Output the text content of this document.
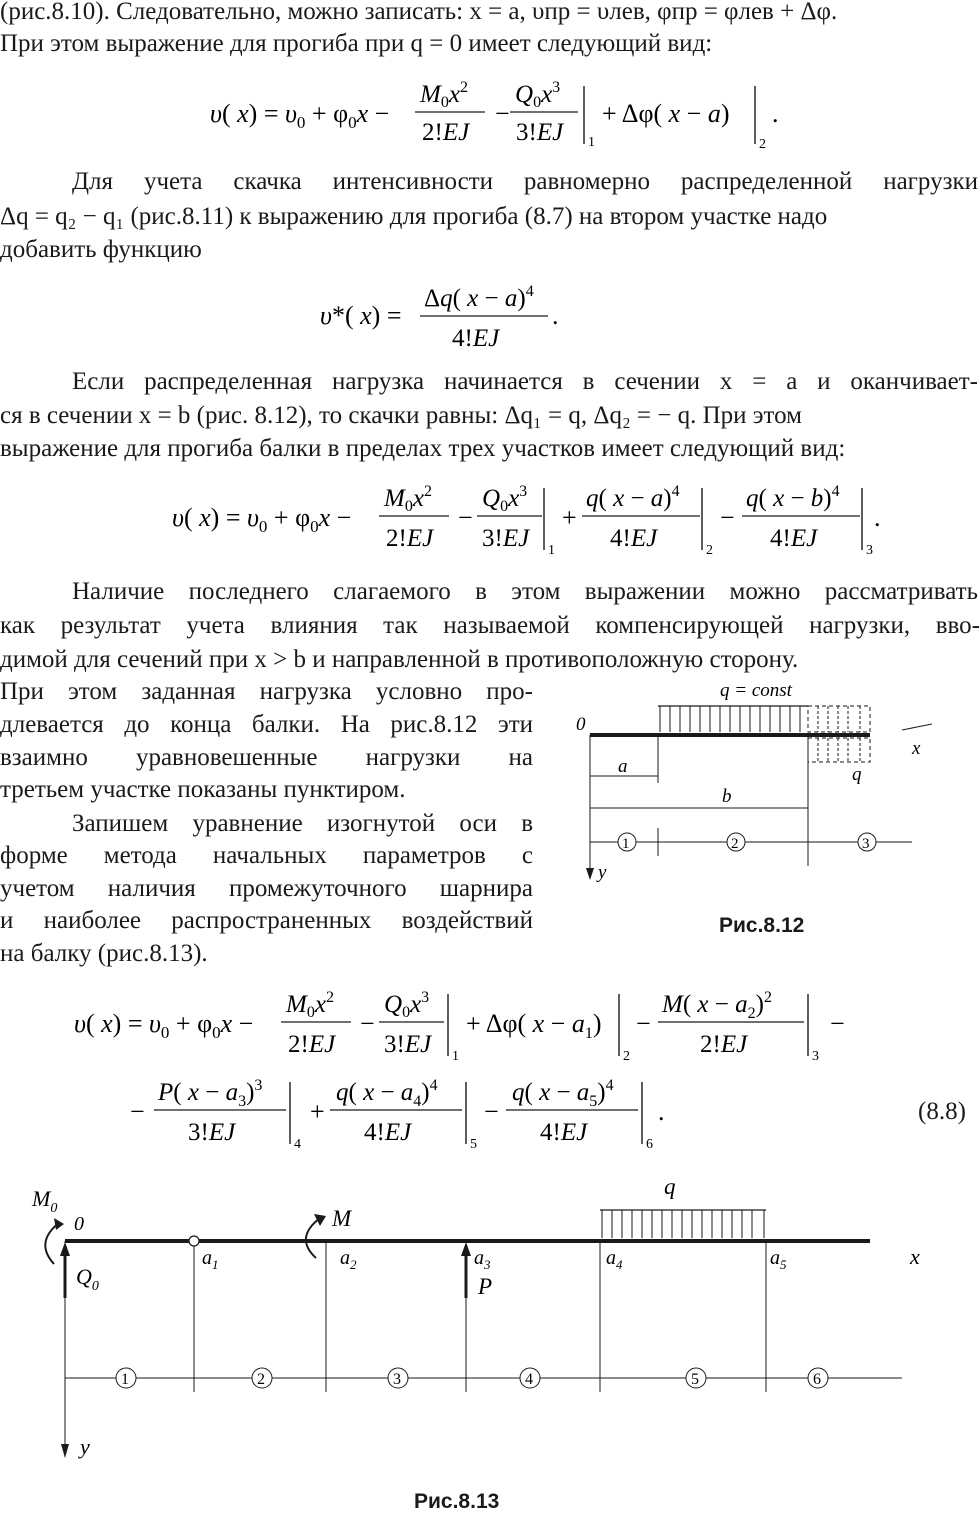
(рис.8.10). Следовательно, можно записать: x = a, υпр = υлев, φпр = φлев + Δφ.
При этом выражение для прогиба при q = 0 имеет следующий вид:
υ( $x) = \upsilon_0 + \varphi_0x$ −
$M_0x^2$
2!EJ
−
$Q_0x^3$
3!EJ 1
+ Δφ( x − a)
2
.
Для учета скачка интенсивности равномерно распределенной нагрузки
Δq = q₂ − q₁ (рис.8.11) к выражению для прогиба (8.7) на втором участке надо
добавить функцию
υ*( x) =
Δq( x − a)$^4$
4!EJ
.
Если распределенная нагрузка начинается в сечении x = a и оканчивает-
ся в сечении x = b (рис. 8.12), то скачки равны: Δq₁ = q, Δq₂ = − q. При этом
выражение для прогиба балки в пределах трех участков имеет следующий вид:
υ( $x) = \upsilon_0 + \varphi_0x$ −
$M_0x^2$
2!EJ
−
$Q_0x^3$
3!EJ 1
+
q( x − a)$^4$
4!EJ	2
−
q( x − b)$^4$
4!EJ	3
.
Наличие последнего слагаемого в этом выражении можно рассматривать
как результат учета влияния так называемой компенсирующей нагрузки, вво-
димой для сечений при x > b и направленной в противоположную сторону.
При этом заданная нагрузка условно про-
длевается до конца балки. На рис.8.12 эти
взаимно уравновешенные нагрузки на
третьем участке показаны пунктиром.
Запишем уравнение изогнутой оси в
форме метода начальных параметров с
учетом наличия промежуточного шарнира
и наиболее распространенных воздействий
на балку (рис.8.13).
q = const
q
0
x
y
a
b
1	2	3
Рис.8.12
υ( $x) = \upsilon_0 + \varphi_0x$ −
$M_0x^2$
2!EJ
−
$Q_0x^3$
3!EJ 1
+ Δφ( $x - a_1$)
2
−
M( $x - a_2)^2$
2!EJ	3
−
−
P( $x - a_3)^3$
3!EJ	4
+
q( $x - a_4)^4$
4!EJ	5
−
q( $x - a_5)^4$
4!EJ	6
.	(8.8)
q
$M_0$
0
$Q_0$
y
$a_1$
M
$a_2$	$a_3$
P
$a_4$	$a_5$	x
1	2	3	4	5	6
Рис.8.13
